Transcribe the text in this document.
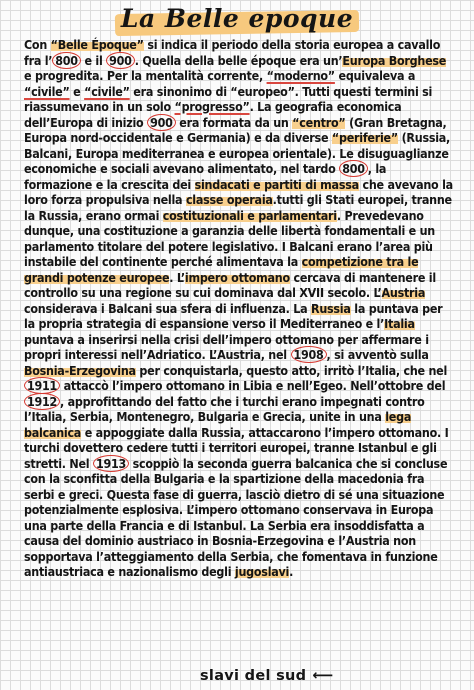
La Belle epoque
Con “Belle Époque” si indica il periodo della storia europea a cavallo fra l’ 800 e il 900 . Quella della belle époque era un’Europa Borghese e progredita. Per la mentalità corrente, “moderno” equivaleva a “civile” e “civile” era sinonimo di “europeo”. Tutti questi termini si riassumevano in un solo “progresso”. La geografia economica dell’Europa di inizio 900 era formata da un “centro” (Gran Bretagna, Europa nord-occidentale e Germania) e da diverse “periferie” (Russia, Balcani, Europa mediterranea e europea orientale). Le disuguaglianze economiche e sociali avevano alimentato, nel tardo 800 , la formazione e la crescita dei sindacati e partiti di massa che avevano la loro forza propulsiva nella classe operaia.tutti gli Stati europei, tranne la Russia, erano ormai costituzionali e parlamentari. Prevedevano dunque, una costituzione a garanzia delle libertà fondamentali e un parlamento titolare del potere legislativo. I Balcani erano l’area più instabile del continente perché alimentava la competizione tra le grandi potenze europee. L’impero ottomano cercava di mantenere il controllo su una regione su cui dominava dal XVII secolo. L’Austria considerava i Balcani sua sfera di influenza. La Russia la puntava per la propria strategia di espansione verso il Mediterraneo e l’Italia puntava a inserirsi nella crisi dell’impero ottomano per affermare i propri interessi nell’Adriatico. L’Austria, nel 1908 , si avventò sulla Bosnia-Erzegovina per conquistarla, questo atto, irritò l’Italia, che nel 1911 attaccò l’impero ottomano in Libia e nell’Egeo. Nell’ottobre del 1912 , approfittando del fatto che i turchi erano impegnati contro l’Italia, Serbia, Montenegro, Bulgaria e Grecia, unite in una lega balcanica e appoggiate dalla Russia, attaccarono l’impero ottomano. I turchi dovettero cedere tutti i territori europei, tranne Istanbul e gli stretti. Nel 1913 scoppiò la seconda guerra balcanica che si concluse con la sconfitta della Bulgaria e la spartizione della macedonia fra serbi e greci. Questa fase di guerra, lasciò dietro di sé una situazione potenzialmente esplosiva. L’impero ottomano conservava in Europa una parte della Francia e di Istanbul. La Serbia era insoddisfatta a causa del dominio austriaco in Bosnia-Erzegovina e l’Austria non sopportava l’atteggiamento della Serbia, che fomentava in funzione antiaustriaca e nazionalismo degli jugoslavi.
slavi del sud ⟵
